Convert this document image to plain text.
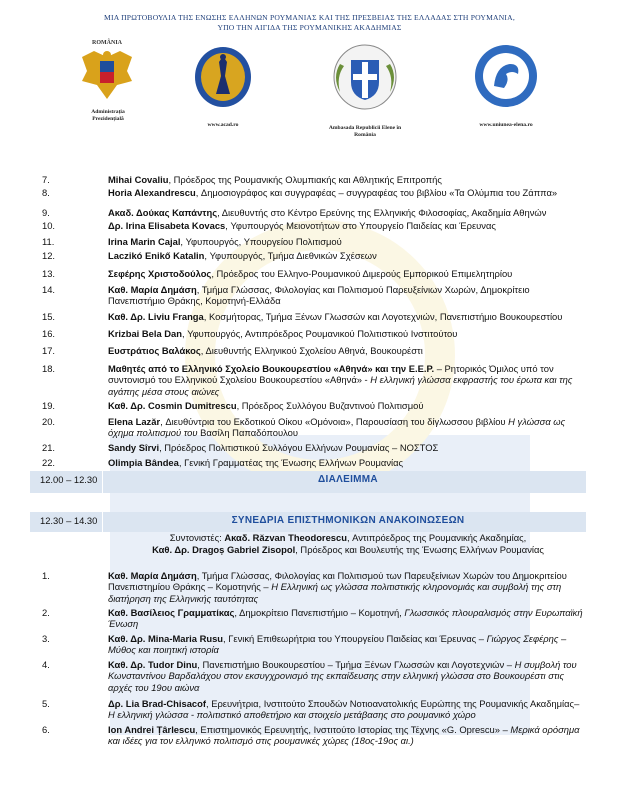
ΜΙΑ ΠΡΩΤΟΒΟΥΛΙΑ ΤΗΣ ΕΝΩΣΗΣ ΕΛΛΗΝΩΝ ΡΟΥΜΑΝΙΑΣ ΚΑΙ ΤΗΣ ΠΡΕΣΒΕΙΑΣ ΤΗΣ ΕΛΛΑΔΑΣ ΣΤΗ ΡΟΥΜΑΝΙΑ,
ΥΠΟ ΤΗΝ ΑΙΓΙΔΑ ΤΗΣ ΡΟΥΜΑΝΙΚΗΣ ΑΚΑΔΗΜΙΑΣ
ROMÂNIA
Administrația Prezidențială
www.acad.ro	Ambasada Republicii Elene în România
www.uniunea-elena.ro
7.	Mihai Covaliu, Πρόεδρος της Ρουμανικής Ολυμπιακής και Αθλητικής Επιτροπής
8.	Horia Alexandrescu, Δημοσιογράφος και συγγραφέας – συγγραφέας του βιβλίου «Τα Ολύμπια του Ζάππα»
9.	Ακαδ. Δούκας Καπάντης, Διευθυντής στο Κέντρο Ερεύνης της Ελληνικής Φιλοσοφίας, Ακαδημία Αθηνών
10.	Δρ. Irina Elisabeta Kovacs, Υφυπουργός Μειονοτήτων στο Υπουργείο Παιδείας και Έρευνας
11.	Irina Marin Cajal, Υφυπουργός, Υπουργείου Πολιτισμού
12.	Laczikó Enikő Katalin, Υφυπουργός, Τμήμα Διεθνικών Σχέσεων
13.	Σεφέρης Χριστοδούλος, Πρόεδρος του Ελληνο-Ρουμανικού Διμερούς Εμπορικού Επιμελητηρίου
14.	Καθ. Μαρία Δημάση, Τμήμα Γλώσσας, Φιλολογίας και Πολιτισμού Παρευξείνιων Χωρών, Δημοκρίτειο Πανεπιστήμιο Θράκης, Κομοτηνή-Ελλάδα
15.	Καθ. Δρ. Liviu Franga, Κοσμήτορας, Τμήμα Ξένων Γλωσσών και Λογοτεχνιών, Πανεπιστήμιο Βουκουρεστίου
16.	Krizbai Bela Dan, Υφυπουργός, Αντιπρόεδρος Ρουμανικού Πολιτιστικού Ινστιτούτου
17.	Ευστράτιος Βαλάκος, Διευθυντής Ελληνικού Σχολείου Αθηνά, Βουκουρέστι
18.	Μαθητές από το Ελληνικό Σχολείο Βουκουρεστίου «Αθηνά» και την Ε.Ε.Ρ. – Ρητορικός Όμιλος υπό τον συντονισμό του Ελληνικού Σχολείου Βουκουρεστίου «Αθηνά» - Η ελληνική γλώσσα εκφραστής του έρωτα και της αγάπης μέσα στους αιώνες
19.	Καθ. Δρ. Cosmin Dumitrescu, Πρόεδρος Συλλόγου Βυζαντινού Πολιτισμού
20.	Elena Lazăr, Διευθύντρια του Εκδοτικού Οίκου «Ομόνοια», Παρουσίαση του δίγλωσσου βιβλίου Η γλώσσα ως όχημα πολιτισμού του Βασίλη Παπαδόπουλου
21.	Sandy Sîrvi, Πρόεδρος Πολιτιστικού Συλλόγου Ελλήνων Ρουμανίας – ΝΟΣΤΟΣ
22.	Olimpia Bândea, Γενική Γραμματέας της Ένωσης Ελλήνων Ρουμανίας
12.00 – 12.30	ΔΙΑΛΕΙΜΜΑ
12.30 – 14.30	ΣΥΝΕΔΡΙΑ ΕΠΙΣΤΗΜΟΝΙΚΩΝ ΑΝΑΚΟΙΝΩΣΕΩΝ
Συντονιστές: Ακαδ. Răzvan Theodorescu, Αντιπρόεδρος της Ρουμανικής Ακαδημίας,
Καθ. Δρ. Dragoș Gabriel Zisopol, Πρόεδρος και Βουλευτής της Ένωσης Ελλήνων Ρουμανίας
1.	Καθ. Μαρία Δημάση, Τμήμα Γλώσσας, Φιλολογίας και Πολιτισμού των Παρευξείνιων Χωρών του Δημοκριτείου Πανεπιστημίου Θράκης – Κομοτηνής – Η Ελληνική ως γλώσσα πολιτιστικής κληρονομιάς και συμβολή της στη διατήρηση της Ελληνικής ταυτότητας
2.	Καθ. Βασίλειος Γραμματίκας, Δημοκρίτειο Πανεπιστήμιο – Κομοτηνή, Γλωσσικός πλουραλισμός στην Ευρωπαϊκή Ένωση
3.	Καθ. Δρ. Mina-Maria Rusu, Γενική Επιθεωρήτρια του Υπουργείου Παιδείας και Έρευνας – Γιώργος Σεφέρης – Μύθος και ποιητική ιστορία
4.	Καθ. Δρ. Tudor Dinu, Πανεπιστήμιο Βουκουρεστίου – Τμήμα Ξένων Γλωσσών και Λογοτεχνιών – Η συμβολή του Κωνσταντίνου Βαρδαλάχου στον εκσυγχρονισμό της εκπαίδευσης στην ελληνική γλώσσα στο Βουκουρέστι στις αρχές του 19ου αιώνα
5.	Δρ. Lia Brad-Chisacof, Ερευνήτρια, Ινστιτούτο Σπουδών Νοτιοανατολικής Ευρώπης της Ρουμανικής Ακαδημίας– Η ελληνική γλώσσα - πολιτιστικό αποθετήριο και στοιχείο μετάβασης στο ρουμανικό χώρο
6.	Ion Andrei Țârlescu, Επιστημονικός Ερευνητής, Ινστιτούτο Ιστορίας της Τέχνης «G. Oprescu» – Μερικά ορόσημα και ιδέες για τον ελληνικό πολιτισμό στις ρουμανικές χώρες (18ος-19ος αι.)
